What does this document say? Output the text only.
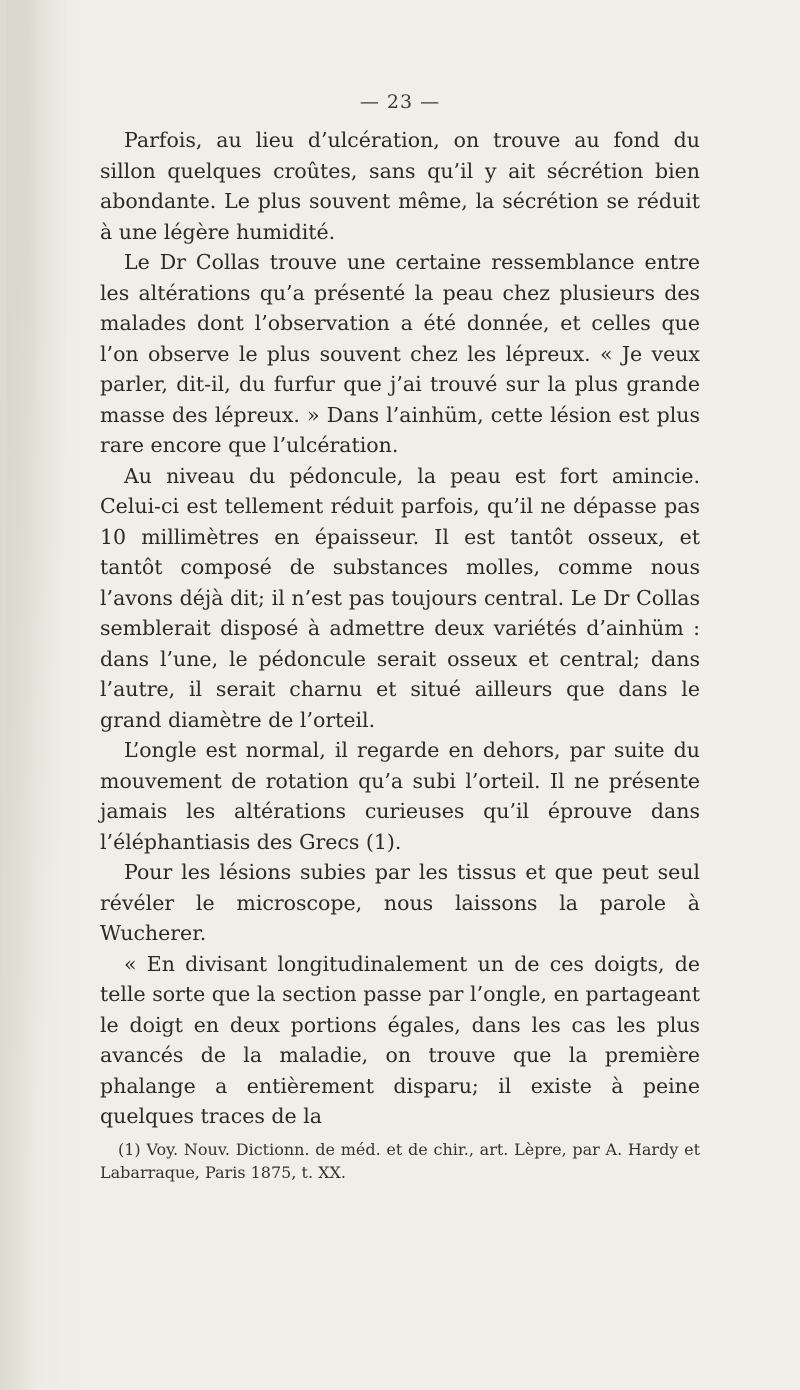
— 23 —

Parfois, au lieu d’ulcération, on trouve au fond du sillon quelques croûtes, sans qu’il y ait sécrétion bien abondante. Le plus souvent même, la sécrétion se réduit à une légère humidité.

Le Dr Collas trouve une certaine ressemblance entre les altérations qu’a présenté la peau chez plusieurs des malades dont l’observation a été donnée, et celles que l’on observe le plus souvent chez les lépreux. « Je veux parler, dit-il, du furfur que j’ai trouvé sur la plus grande masse des lépreux. » Dans l’ainhüm, cette lésion est plus rare encore que l’ulcération.

Au niveau du pédoncule, la peau est fort amincie. Celui-ci est tellement réduit parfois, qu’il ne dépasse pas 10 millimètres en épaisseur. Il est tantôt osseux, et tantôt composé de substances molles, comme nous l’avons déjà dit; il n’est pas toujours central. Le Dr Collas semblerait disposé à admettre deux variétés d’ainhüm : dans l’une, le pédoncule serait osseux et central; dans l’autre, il serait charnu et situé ailleurs que dans le grand diamètre de l’orteil.

L’ongle est normal, il regarde en dehors, par suite du mouvement de rotation qu’a subi l’orteil. Il ne présente jamais les altérations curieuses qu’il éprouve dans l’éléphantiasis des Grecs (1).

Pour les lésions subies par les tissus et que peut seul révéler le microscope, nous laissons la parole à Wucherer.

« En divisant longitudinalement un de ces doigts, de telle sorte que la section passe par l’ongle, en partageant le doigt en deux portions égales, dans les cas les plus avancés de la maladie, on trouve que la première phalange a entièrement disparu; il existe à peine quelques traces de la

(1) Voy. Nouv. Dictionn. de méd. et de chir., art. Lèpre, par A. Hardy et Labarraque, Paris 1875, t. XX.
